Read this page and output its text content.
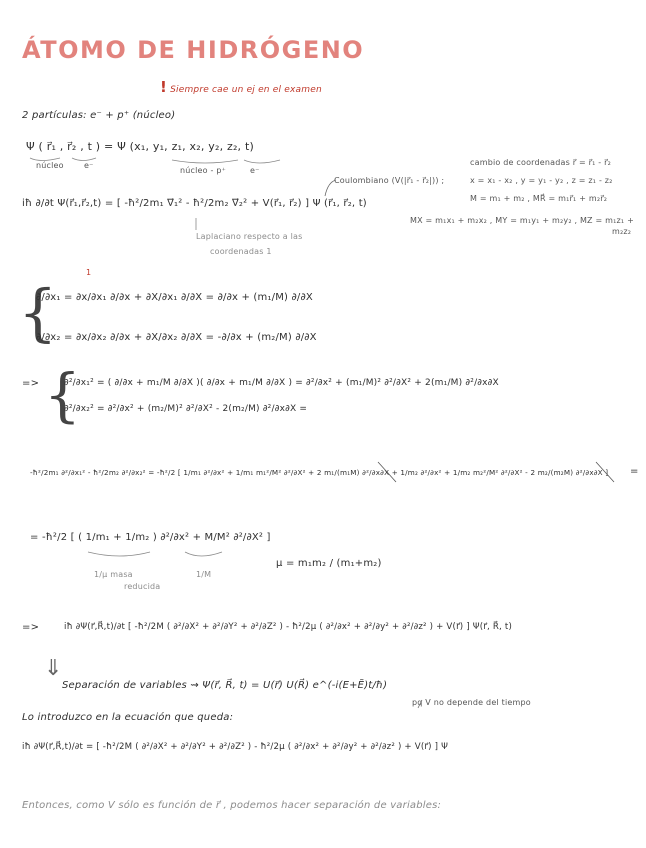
ÁTOMO DE HIDRÓGENO
! Siempre cae un ej en el examen
2 partículas: e⁻ + p⁺ (núcleo)
Ψ ( r⃗₁ , r⃗₂ , t ) = Ψ (x₁, y₁, z₁, x₂, y₂, z₂, t)
núcleo	e⁻
núcleo - p⁺	e⁻
cambio de coordenadas r⃗ = r⃗₁ - r⃗₂
x = x₁ - x₂ , y = y₁ - y₂ , z = z₁ - z₂
M = m₁ + m₂ , MR⃗ = m₁r⃗₁ + m₂r⃗₂
MX = m₁x₁ + m₂x₂ , MY = m₁y₁ + m₂y₂ , MZ = m₁z₁ +
m₂z₂
Coulombiano (V(|r⃗₁ - r⃗₂|)) ;
iħ ∂/∂t Ψ(r⃗₁,r⃗₂,t) = [ -ħ²/2m₁ ∇⃗₁² - ħ²/2m₂ ∇⃗₂² + V(r⃗₁, r⃗₂) ] Ψ (r⃗₁, r⃗₂, t)
Laplaciano respecto a las
coordenadas 1
{
1
∂/∂x₁ = ∂x/∂x₁ ∂/∂x + ∂X/∂x₁ ∂/∂X = ∂/∂x + (m₁/M) ∂/∂X
∂/∂x₂ = ∂x/∂x₂ ∂/∂x + ∂X/∂x₂ ∂/∂X = -∂/∂x + (m₂/M) ∂/∂X
=> {
∂²/∂x₁² = ( ∂/∂x + m₁/M ∂/∂X )( ∂/∂x + m₁/M ∂/∂X ) = ∂²/∂x² + (m₁/M)² ∂²/∂X² + 2(m₁/M) ∂²/∂x∂X
∂²/∂x₂² = ∂²/∂x² + (m₂/M)² ∂²/∂X² - 2(m₂/M) ∂²/∂x∂X =
-ħ²/2m₁ ∂²/∂x₁² - ħ²/2m₂ ∂²/∂x₂² = -ħ²/2 [ 1/m₁ ∂²/∂x² + 1/m₁ m₁²/M² ∂²/∂X² + 2 m₁/(m₁M) ∂²/∂x∂X + 1/m₂ ∂²/∂x² + 1/m₂ m₂²/M² ∂²/∂X² - 2 m₂/(m₂M) ∂²/∂x∂X ] =
= -ħ²/2 [ ( 1/m₁ + 1/m₂ ) ∂²/∂x² + M/M² ∂²/∂X² ]
1/μ masa
reducida
1/M
μ = m₁m₂ / (m₁+m₂)
=>	iħ ∂Ψ(r⃗,R⃗,t)/∂t [ -ħ²/2M ( ∂²/∂X² + ∂²/∂Y² + ∂²/∂Z² ) - ħ²/2μ ( ∂²/∂x² + ∂²/∂y² + ∂²/∂z² ) + V(r⃗) ] Ψ(r⃗, R⃗, t)
⇓
Separación de variables ⇝ Ψ(r⃗, R⃗, t) = U(r⃗) U(R⃗) e^(-i(E+Ẽ)t/ħ)
pq V no depende del tiempo
Lo introduzco en la ecuación que queda:
iħ ∂Ψ(r⃗,R⃗,t)/∂t = [ -ħ²/2M ( ∂²/∂X² + ∂²/∂Y² + ∂²/∂Z² ) - ħ²/2μ ( ∂²/∂x² + ∂²/∂y² + ∂²/∂z² ) + V(r⃗) ] Ψ
Entonces, como V sólo es función de r⃗ , podemos hacer separación de variables:
